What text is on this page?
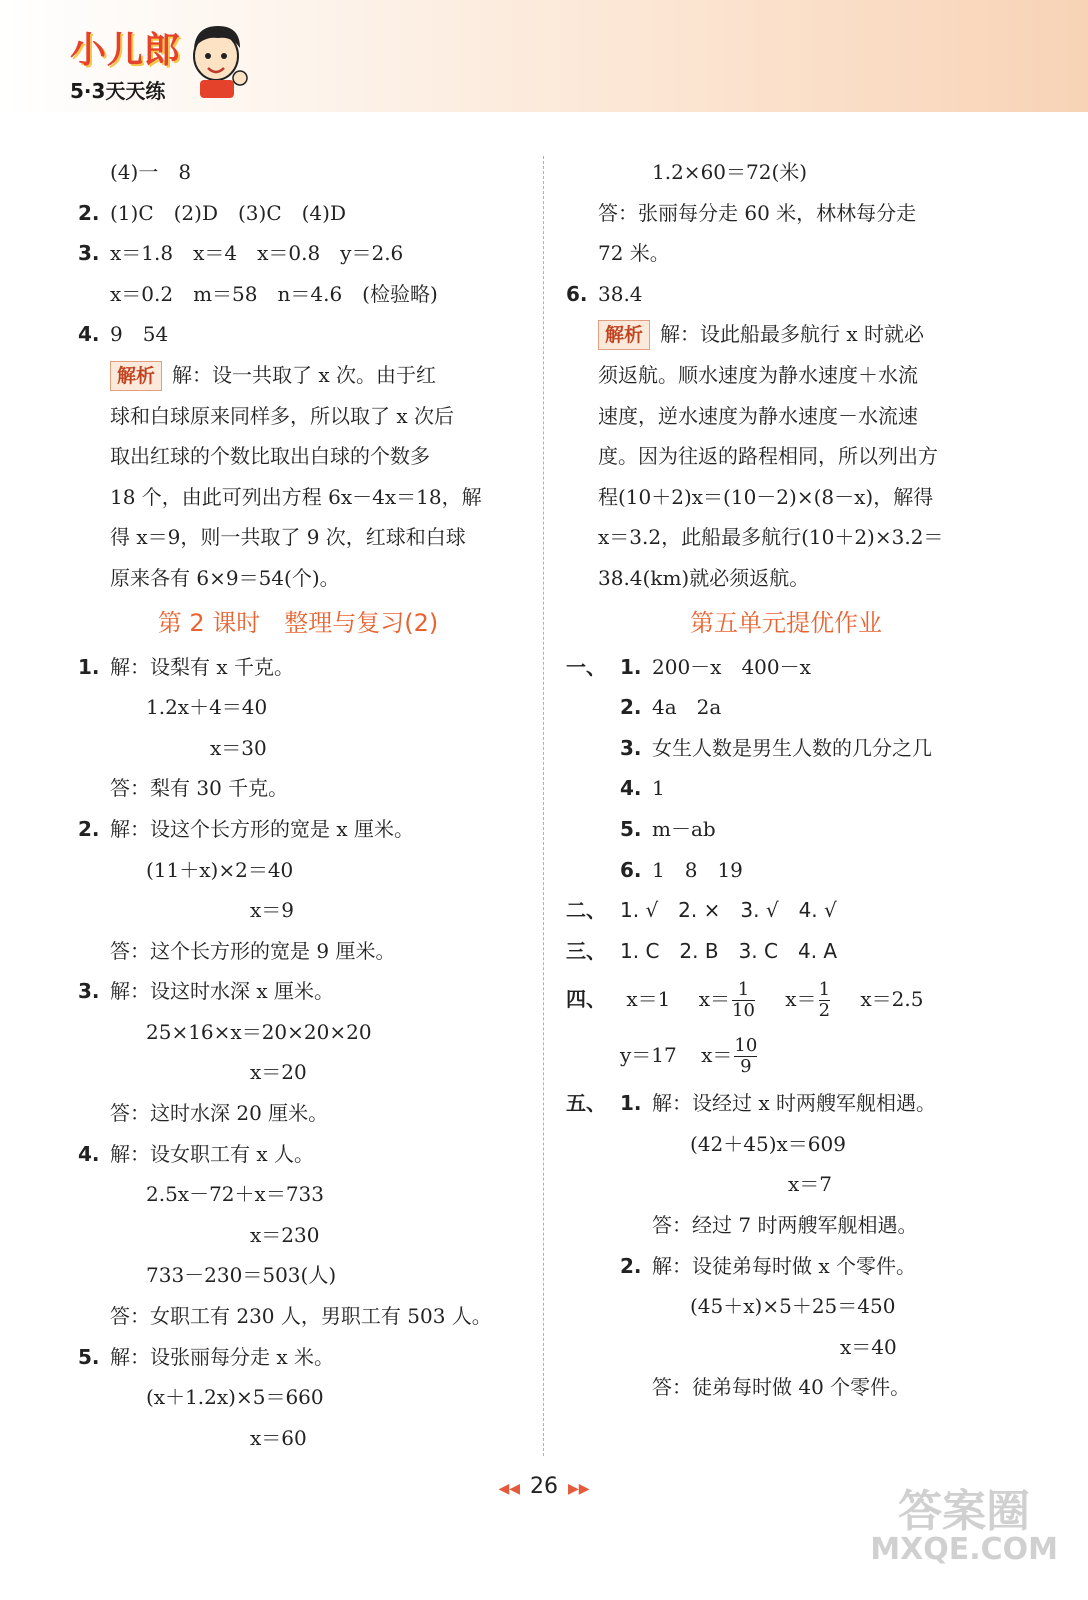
小儿郎
5·3天天练
(4)一　8
2. (1)C　(2)D　(3)C　(4)D
3. x＝1.8　x＝4　x＝0.8　y＝2.6
x＝0.2　m＝58　n＝4.6　(检验略)
4. 9　54
解析 解：设一共取了 x 次。由于红
球和白球原来同样多，所以取了 x 次后
取出红球的个数比取出白球的个数多
18 个，由此可列出方程 6x－4x＝18，解
得 x＝9，则一共取了 9 次，红球和白球
原来各有 6×9＝54(个)。
第 2 课时　整理与复习(2)
1. 解：设梨有 x 千克。
1.2x＋4＝40
x＝30
答：梨有 30 千克。
2. 解：设这个长方形的宽是 x 厘米。
(11＋x)×2＝40
x＝9
答：这个长方形的宽是 9 厘米。
3. 解：设这时水深 x 厘米。
25×16×x＝20×20×20
x＝20
答：这时水深 20 厘米。
4. 解：设女职工有 x 人。
2.5x－72＋x＝733
x＝230
733－230＝503(人)
答：女职工有 230 人，男职工有 503 人。
5. 解：设张丽每分走 x 米。
(x＋1.2x)×5＝660
x＝60
1.2×60＝72(米)
答：张丽每分走 60 米，林林每分走
72 米。
6. 38.4
解析 解：设此船最多航行 x 时就必
须返航。顺水速度为静水速度＋水流
速度，逆水速度为静水速度－水流速
度。因为往返的路程相同，所以列出方
程(10＋2)x＝(10－2)×(8－x)，解得
x＝3.2，此船最多航行(10＋2)×3.2＝
38.4(km)就必须返航。
第五单元提优作业
一、 1. 200－x　400－x
2. 4a　2a
3. 女生人数是男生人数的几分之几
4. 1
5. m－ab
6. 1　8　19
二、 1. √　2. ×　3. √　4. √
三、 1. C　2. B　3. C　4. A
四、 x＝1 $x= \frac{1}{10} x= \frac{1}{2} x=2.5$
y＝17 $x= \frac{10}{9}$
五、 1. 解：设经过 x 时两艘军舰相遇。
(42＋45)x＝609
x＝7
答：经过 7 时两艘军舰相遇。
2. 解：设徒弟每时做 x 个零件。
(45＋x)×5＋25＝450
x＝40
答：徒弟每时做 40 个零件。
◀◀ 26 ▶▶	答案圈
MXQE.COM
